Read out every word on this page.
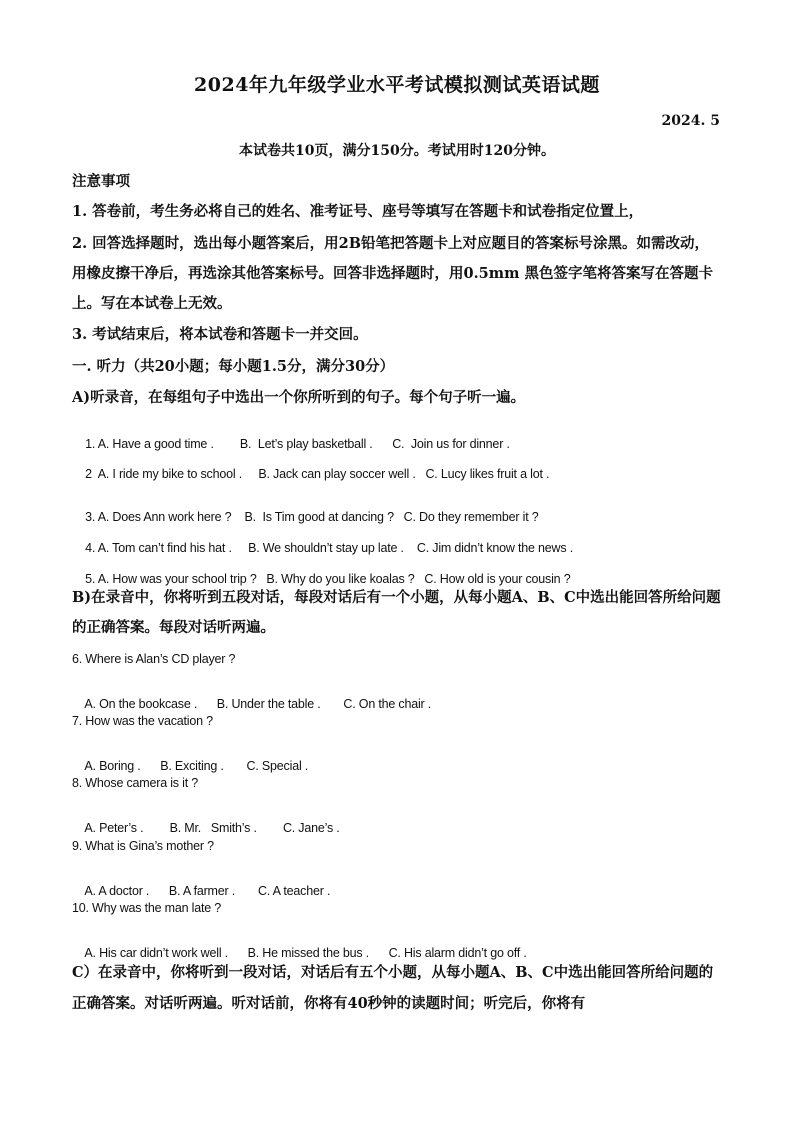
2024年九年级学业水平考试模拟测试英语试题
2024. 5
本试卷共10页，满分150分。考试用时120分钟。
注意事项
1. 答卷前，考生务必将自己的姓名、准考证号、座号等填写在答题卡和试卷指定位置上，
2. 回答选择题时，选出每小题答案后，用2B铅笔把答题卡上对应题目的答案标号涂黑。如需改动，用橡皮擦干净后，再选涂其他答案标号。回答非选择题时，用0.5mm 黑色签字笔将答案写在答题卡上。写在本试卷上无效。
3. 考试结束后，将本试卷和答题卡一并交回。
一. 听力（共20小题；每小题1.5分，满分30分）
A)听录音，在每组句子中选出一个你所听到的句子。每个句子听一遍。

1. A. Have a good time . B.  Let’s play basketball . C.  Join us for dinner .

2 A. I ride my bike to school . B. Jack can play soccer well . C. Lucy likes fruit a lot .

3. A. Does Ann work here ? B.  Is Tim good at dancing ? C. Do they remember it ?

4. A. Tom can’t find his hat . B. We shouldn’t stay up late . C. Jim didn’t know the news .

5. A. How was your school trip ? B. Why do you like koalas ? C. How old is your cousin ?

B)在录音中，你将听到五段对话，每段对话后有一个小题，从每小题A、B、C中选出能回答所给问题的正确答案。每段对话听两遍。
6. Where is Alan’s CD player ?

A. On the bookcase . B. Under the table . C. On the chair .

7. How was the vacation ?

A. Boring . B. Exciting . C. Special .

8. Whose camera is it ?

A. Peter’s . B. Mr.   Smith’s . C. Jane’s .

9. What is Gina’s mother ?

A. A doctor . B. A farmer . C. A teacher .

10. Why was the man late ?

A. His car didn’t work well . B. He missed the bus . C. His alarm didn’t go off .

C）在录音中，你将听到一段对话，对话后有五个小题，从每小题A、B、C中选出能回答所给问题的正确答案。对话听两遍。听对话前，你将有40秒钟的读题时间；听完后，你将有
